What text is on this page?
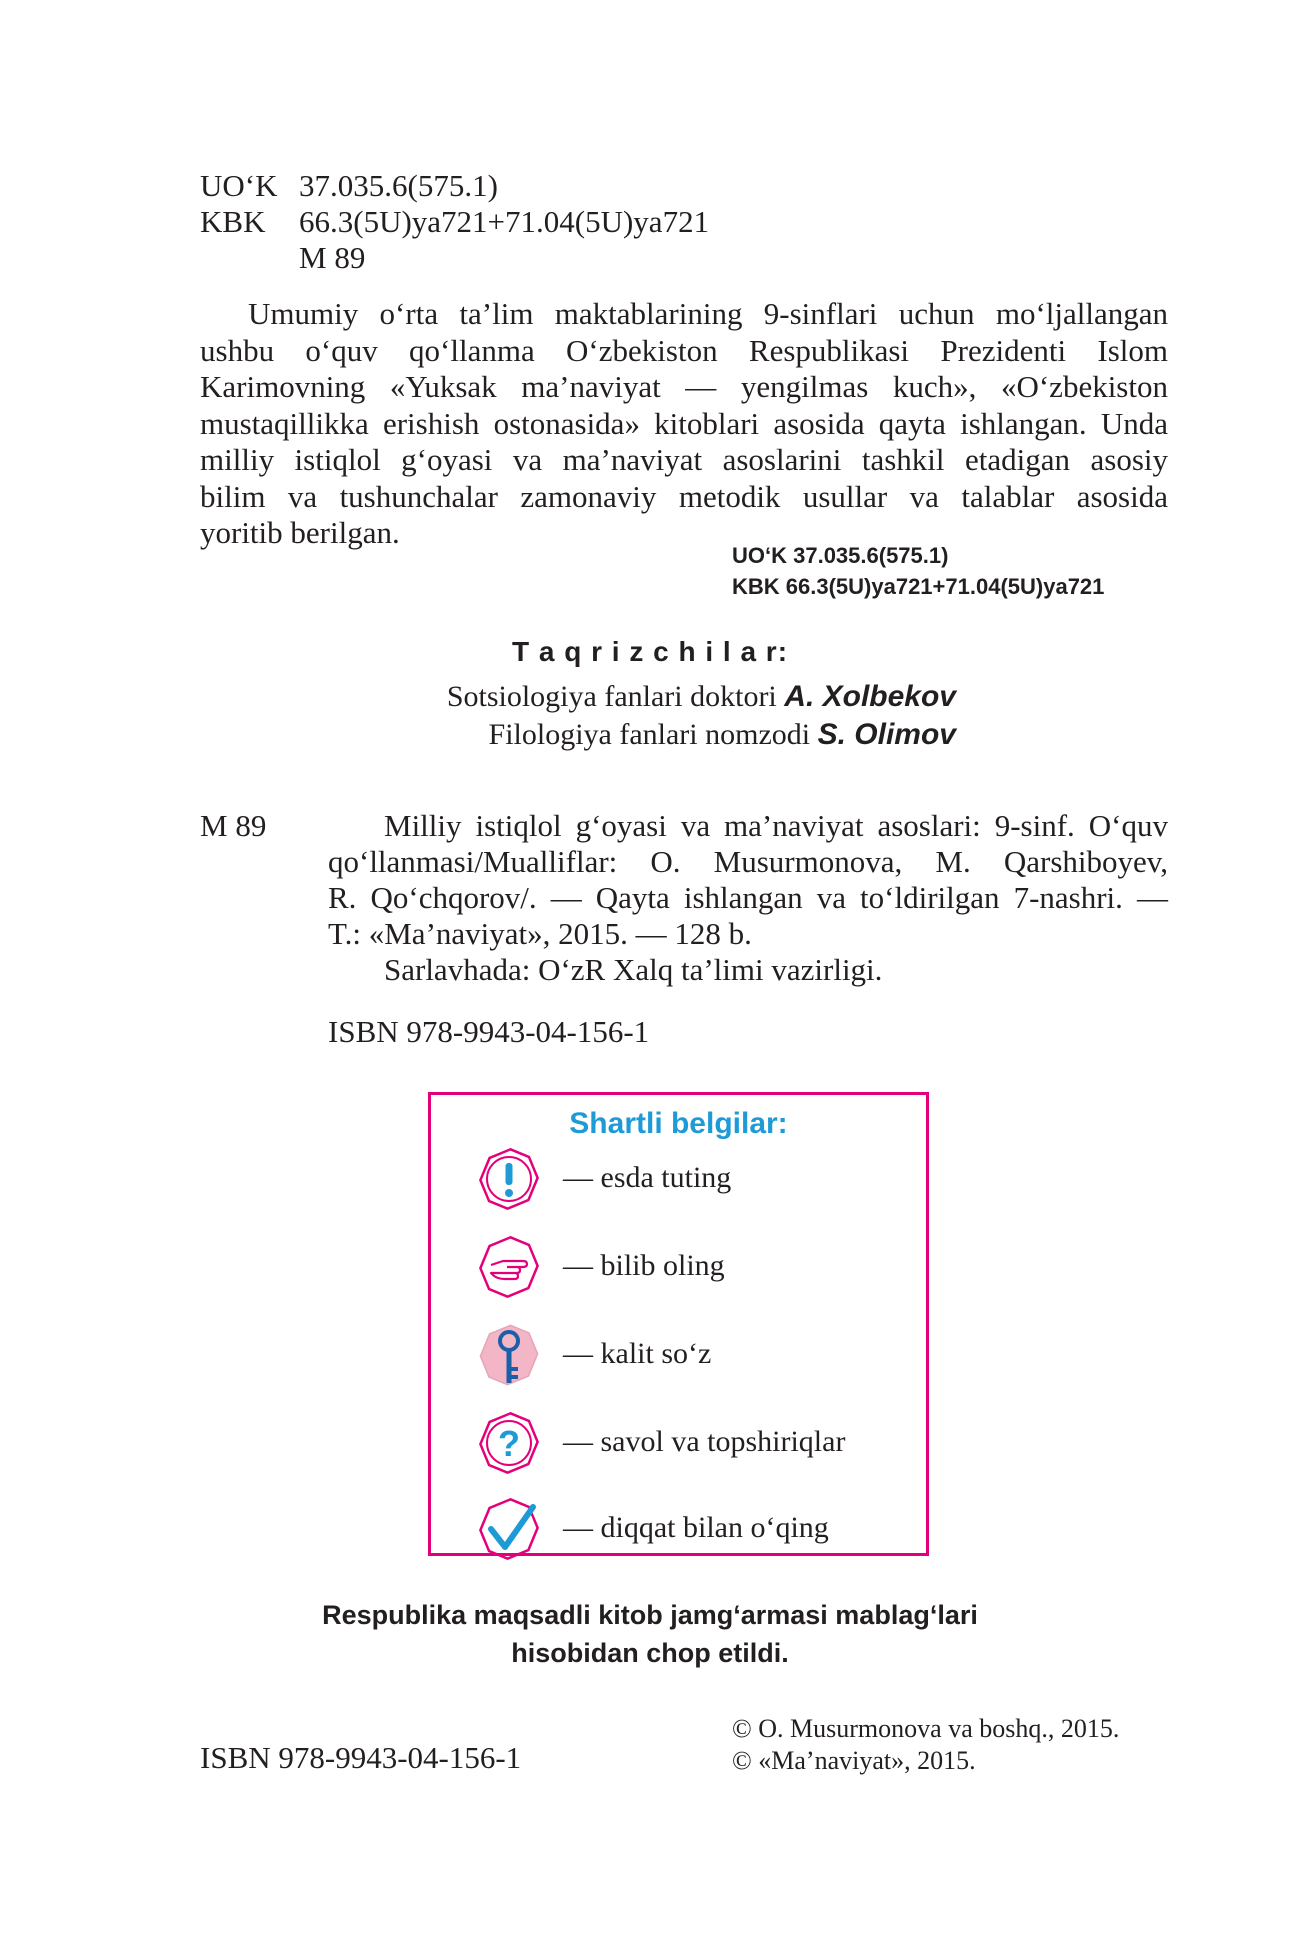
UO‘K 37.035.6(575.1)
KBK 66.3(5U)ya721+71.04(5U)ya721
M 89
Umumiy o‘rta ta’lim maktablarining 9-sinflari uchun mo‘ljallangan
ushbu o‘quv qo‘llanma O‘zbekiston Respublikasi Prezidenti Islom
Karimovning «Yuksak ma’naviyat — yengilmas kuch», «O‘zbekiston
mustaqillikka erishish ostonasida» kitoblari asosida qayta ishlangan. Unda
milliy istiqlol g‘oyasi va ma’naviyat asoslarini tashkil etadigan asosiy
bilim va tushunchalar zamonaviy metodik usullar va talablar asosida
yoritib berilgan.
UO‘K 37.035.6(575.1)
KBK 66.3(5U)ya721+71.04(5U)ya721
T a q r i z c h i l a r:
Sotsiologiya fanlari doktori A. Xolbekov
Filologiya fanlari nomzodi S. Olimov
M 89	Milliy istiqlol g‘oyasi va ma’naviyat asoslari: 9-sinf. O‘quv
qo‘llanmasi/Mualliflar: O. Musurmonova, M. Qarshiboyev,
R. Qo‘chqorov/. — Qayta ishlangan va to‘ldirilgan 7-nashri. —
T.: «Ma’naviyat», 2015. — 128 b.
Sarlavhada: O‘zR Xalq ta’limi vazirligi.
ISBN 978-9943-04-156-1
Shartli belgilar:
— esda tuting
— bilib oling
— kalit so‘z
? — savol va topshiriqlar
— diqqat bilan o‘qing
Respublika maqsadli kitob jamg‘armasi mablag‘lari
hisobidan chop etildi.
ISBN 978-9943-04-156-1
© O. Musurmonova va boshq., 2015.
© «Ma’naviyat», 2015.
